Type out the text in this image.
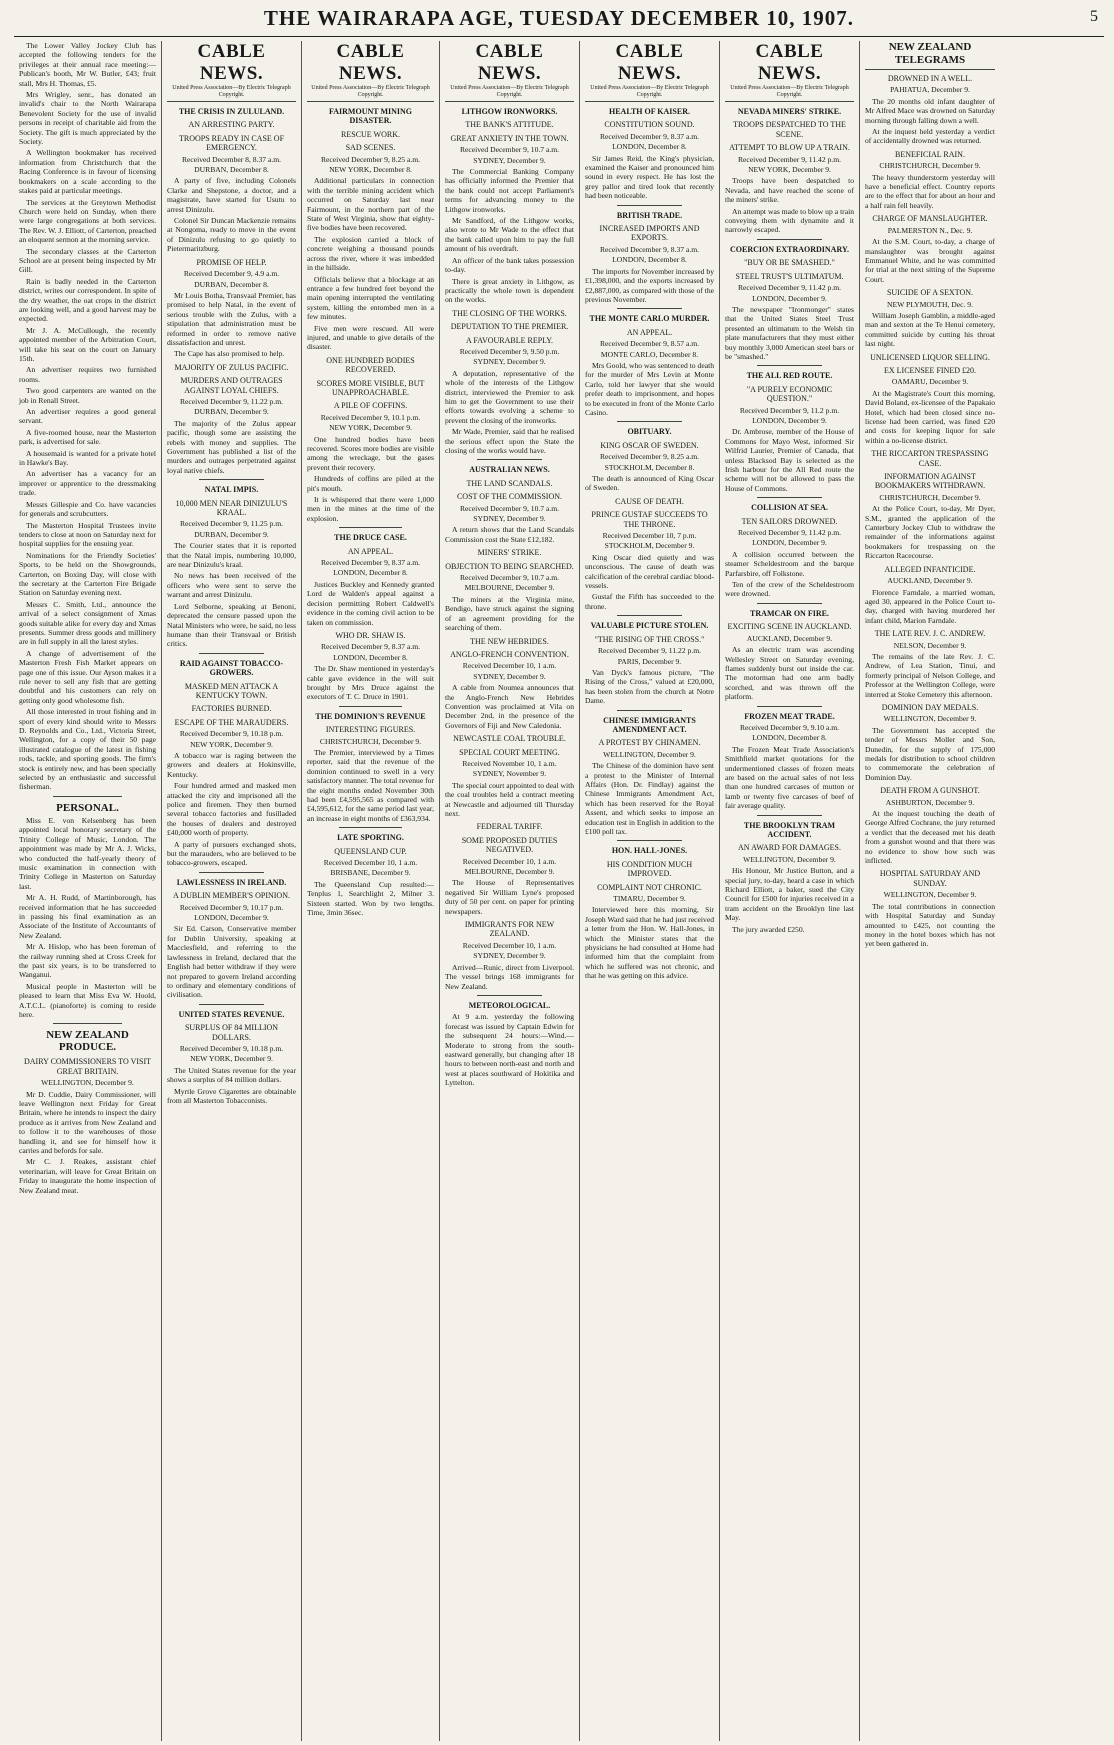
THE WAIRARAPA AGE, TUESDAY DECEMBER 10, 1907.	5

The Lower Valley Jockey Club has accepted the following tenders for the privileges at their annual race meeting:—Publican's booth, Mr W. Butler, £43; fruit stall, Mrs H. Thomas, £5.

Mrs Wrigley, senr., has donated an invalid's chair to the North Wairarapa Benevolent Society for the use of invalid persons in receipt of charitable aid from the Society. The gift is much appreciated by the Society.

A Wellington bookmaker has received information from Christchurch that the Racing Conference is in favour of licensing bookmakers on a scale according to the stakes paid at particular meetings.

The services at the Greytown Methodist Church were held on Sunday, when there were large congregations at both services. The Rev. W. J. Elliott, of Carterton, preached an eloquent sermon at the morning service.

The secondary classes at the Carterton School are at present being inspected by Mr Gill.

Rain is badly needed in the Carterton district, writes our correspondent. In spite of the dry weather, the oat crops in the district are looking well, and a good harvest may be expected.

Mr J. A. McCullough, the recently appointed member of the Arbitration Court, will take his seat on the court on January 15th.

An advertiser requires two furnished rooms.

Two good carpenters are wanted on the job in Renall Street.

An advertiser requires a good general servant.

A five-roomed house, near the Masterton park, is advertised for sale.

A housemaid is wanted for a private hotel in Hawke's Bay.

An advertiser has a vacancy for an improver or apprentice to the dressmaking trade.

Messrs Gillespie and Co. have vacancies for generals and scrubcutters.

The Masterton Hospital Trustees invite tenders to close at noon on Saturday next for hospital supplies for the ensuing year.

Nominations for the Friendly Societies' Sports, to be held on the Showgrounds, Carterton, on Boxing Day, will close with the secretary at the Carterton Fire Brigade Station on Saturday evening next.

Messrs C. Smith, Ltd., announce the arrival of a select consignment of Xmas goods suitable alike for every day and Xmas presents. Summer dress goods and millinery are in full supply in all the latest styles.

A change of advertisement of the Masterton Fresh Fish Market appears on page one of this issue. Our Ayson makes it a rule never to sell any fish that are getting doubtful and his customers can rely on getting only good wholesome fish.

All those interested in trout fishing and in sport of every kind should write to Messrs D. Reynolds and Co., Ltd., Victoria Street, Wellington, for a copy of their 50 page illustrated catalogue of the latest in fishing rods, tackle, and sporting goods. The firm's stock is entirely new, and has been specially selected by an enthusiastic and successful fisherman.

PERSONAL.

Miss E. von Kelsenberg has been appointed local honorary secretary of the Trinity College of Music, London. The appointment was made by Mr A. J. Wicks, who conducted the half-yearly theory of music examination in connection with Trinity College in Masterton on Saturday last.

Mr A. H. Rudd, of Martinborough, has received information that he has succeeded in passing his final examination as an Associate of the Institute of Accountants of New Zealand.

Mr A. Hislop, who has been foreman of the railway running shed at Cross Creek for the past six years, is to be transferred to Wanganui.

Musical people in Masterton will be pleased to learn that Miss Eva W. Hoold, A.T.C.L. (pianoforte) is coming to reside here.

NEW ZEALAND PRODUCE.
DAIRY COMMISSIONERS TO VISIT GREAT BRITAIN.
WELLINGTON, December 9.

Mr D. Cuddie, Dairy Commissioner, will leave Wellington next Friday for Great Britain, where he intends to inspect the dairy produce as it arrives from New Zealand and to follow it to the warehouses of those handling it, and see for himself how it carries and befords for sale.

Mr C. J. Reakes, assistant chief veterinarian, will leave for Great Britain on Friday to inaugurate the home inspection of New Zealand meat.

CABLE NEWS.
United Press Association—By Electric Telegraph Copyright.
THE CRISIS IN ZULULAND.
AN ARRESTING PARTY.
TROOPS READY IN CASE OF EMERGENCY.
Received December 8, 8.37 a.m.
DURBAN, December 8.

A party of five, including Colonels Clarke and Shepstone, a doctor, and a magistrate, have started for Usutu to arrest Dinizulu.

Colonel Sir Duncan Mackenzie remains at Nongoma, ready to move in the event of Dinizulu refusing to go quietly to Pietermaritzburg.

PROMISE OF HELP.
Received December 9, 4.9 a.m.
DURBAN, December 8.

Mr Louis Botha, Transvaal Premier, has promised to help Natal, in the event of serious trouble with the Zulus, with a stipulation that administration must be reformed in order to remove native dissatisfaction and unrest.

The Cape has also promised to help.

MAJORITY OF ZULUS PACIFIC.
MURDERS AND OUTRAGES AGAINST LOYAL CHIEFS.
Received December 9, 11.22 p.m.
DURBAN, December 9.

The majority of the Zulus appear pacific, though some are assisting the rebels with money and supplies. The Government has published a list of the murders and outrages perpetrated against loyal native chiefs.

NATAL IMPIS.
10,000 MEN NEAR DINIZULU'S KRAAL.
Received December 9, 11.25 p.m.
DURBAN, December 9.

The Courier states that it is reported that the Natal impis, numbering 10,000, are near Dinizulu's kraal.

No news has been received of the officers who were sent to serve the warrant and arrest Dinizulu.

Lord Selborne, speaking at Benoni, deprecated the censure passed upon the Natal Ministers who were, he said, no less humane than their Transvaal or British critics.

RAID AGAINST TOBACCO-GROWERS.
MASKED MEN ATTACK A KENTUCKY TOWN.
FACTORIES BURNED.
ESCAPE OF THE MARAUDERS.
Received December 9, 10.18 p.m.
NEW YORK, December 9.

A tobacco war is raging between the growers and dealers at Hokinsville, Kentucky.

Four hundred armed and masked men attacked the city and imprisoned all the police and firemen. They then burned several tobacco factories and fusilladed the houses of dealers and destroyed £40,000 worth of property.

A party of pursuers exchanged shots, but the marauders, who are believed to be tobacco-growers, escaped.

LAWLESSNESS IN IRELAND.
A DUBLIN MEMBER'S OPINION.
Received December 9, 10.17 p.m.
LONDON, December 9.

Sir Ed. Carson, Conservative member for Dublin University, speaking at Macclesfield, and referring to the lawlessness in Ireland, declared that the English had better withdraw if they were not prepared to govern Ireland according to ordinary and elementary conditions of civilisation.

UNITED STATES REVENUE.
SURPLUS OF 84 MILLION DOLLARS.
Received December 9, 10.18 p.m.
NEW YORK, December 9.

The United States revenue for the year shows a surplus of 84 million dollars.

Myrtle Grove Cigarettes are obtainable from all Masterton Tobacconists.

CABLE NEWS.
United Press Association—By Electric Telegraph Copyright.
FAIRMOUNT MINING DISASTER.
RESCUE WORK.
SAD SCENES.
Received December 9, 8.25 a.m.
NEW YORK, December 8.

Additional particulars in connection with the terrible mining accident which occurred on Saturday last near Fairmount, in the northern part of the State of West Virginia, show that eighty-five bodies have been recovered.

The explosion carried a block of concrete weighing a thousand pounds across the river, where it was imbedded in the hillside.

Officials believe that a blockage at an entrance a few hundred feet beyond the main opening interrupted the ventilating system, killing the entombed men in a few minutes.

Five men were rescued. All were injured, and unable to give details of the disaster.

ONE HUNDRED BODIES RECOVERED.
SCORES MORE VISIBLE, BUT UNAPPROACHABLE.
A PILE OF COFFINS.
Received December 9, 10.1 p.m.
NEW YORK, December 9.

One hundred bodies have been recovered. Scores more bodies are visible among the wreckage, but the gases prevent their recovery.

Hundreds of coffins are piled at the pit's mouth.

It is whispered that there were 1,000 men in the mines at the time of the explosion.

THE DRUCE CASE.
AN APPEAL.
Received December 9, 8.37 a.m.
LONDON, December 8.

Justices Buckley and Kennedy granted Lord de Walden's appeal against a decision permitting Robert Caldwell's evidence in the coming civil action to be taken on commission.

WHO DR. SHAW IS.
Received December 9, 8.37 a.m.
LONDON, December 8.

The Dr. Shaw mentioned in yesterday's cable gave evidence in the will suit brought by Mrs Druce against the executors of T. C. Druce in 1901.

THE DOMINION'S REVENUE
INTERESTING FIGURES.
CHRISTCHURCH, December 9.

The Premier, interviewed by a Times reporter, said that the revenue of the dominion continued to swell in a very satisfactory manner. The total revenue for the eight months ended November 30th had been £4,595,565 as compared with £4,595,612, for the same period last year, an increase in eight months of £363,934.

LATE SPORTING.
QUEENSLAND CUP.
Received December 10, 1 a.m.
BRISBANE, December 9.

The Queensland Cup resulted:—Tenplus 1, Searchlight 2, Milner 3. Sixteen started. Won by two lengths. Time, 3min 36sec.

CABLE NEWS.
United Press Association—By Electric Telegraph Copyright.
LITHGOW IRONWORKS.
THE BANK'S ATTITUDE.
GREAT ANXIETY IN THE TOWN.
Received December 9, 10.7 a.m.
SYDNEY, December 9.

The Commercial Banking Company has officially informed the Premier that the bank could not accept Parliament's terms for advancing money to the Lithgow ironworks.

Mr Sandford, of the Lithgow works, also wrote to Mr Wade to the effect that the bank called upon him to pay the full amount of his overdraft.

An officer of the bank takes possession to-day.

There is great anxiety in Lithgow, as practically the whole town is dependent on the works.

THE CLOSING OF THE WORKS.
DEPUTATION TO THE PREMIER.
A FAVOURABLE REPLY.
Received December 9, 9.50 p.m.
SYDNEY, December 9.

A deputation, representative of the whole of the interests of the Lithgow district, interviewed the Premier to ask him to get the Government to use their efforts towards evolving a scheme to prevent the closing of the ironworks.

Mr Wade, Premier, said that he realised the serious effect upon the State the closing of the works would have.

AUSTRALIAN NEWS.
THE LAND SCANDALS.
COST OF THE COMMISSION.
Received December 9, 10.7 a.m.
SYDNEY, December 9.

A return shows that the Land Scandals Commission cost the State £12,182.

MINERS' STRIKE.
OBJECTION TO BEING SEARCHED.
Received December 9, 10.7 a.m.
MELBOURNE, December 9.

The miners at the Virginia mine, Bendigo, have struck against the signing of an agreement providing for the searching of them.

THE NEW HEBRIDES.
ANGLO-FRENCH CONVENTION.
Received December 10, 1 a.m.
SYDNEY, December 9.

A cable from Noumea announces that the Anglo-French New Hebrides Convention was proclaimed at Vila on December 2nd, in the presence of the Governors of Fiji and New Caledonia.

NEWCASTLE COAL TROUBLE.
SPECIAL COURT MEETING.
Received November 10, 1 a.m.
SYDNEY, November 9.

The special court appointed to deal with the coal troubles held a contract meeting at Newcastle and adjourned till Thursday next.

FEDERAL TARIFF.
SOME PROPOSED DUTIES NEGATIVED.
Received December 10, 1 a.m.
MELBOURNE, December 9.

The House of Representatives negatived Sir William Lyne's proposed duty of 50 per cent. on paper for printing newspapers.

IMMIGRANTS FOR NEW ZEALAND.
Received December 10, 1 a.m.
SYDNEY, December 9.

Arrived—Runic, direct from Liverpool. The vessel brings 168 immigrants for New Zealand.

METEOROLOGICAL.

At 9 a.m. yesterday the following forecast was issued by Captain Edwin for the subsequent 24 hours:—Wind.—Moderate to strong from the south-eastward generally, but changing after 18 hours to between north-east and north and west at places southward of Hokitika and Lyttelton.

CABLE NEWS.
United Press Association—By Electric Telegraph Copyright.
HEALTH OF KAISER.
CONSTITUTION SOUND.
Received December 9, 8.37 a.m.
LONDON, December 8.

Sir James Reid, the King's physician, examined the Kaiser and pronounced him sound in every respect. He has lost the grey pallor and tired look that recently had been noticeable.

BRITISH TRADE.
INCREASED IMPORTS AND EXPORTS.
Received December 9, 8.37 a.m.
LONDON, December 8.

The imports for November increased by £1,398,000, and the exports increased by £2,887,000, as compared with those of the previous November.

THE MONTE CARLO MURDER.
AN APPEAL.
Received December 9, 8.57 a.m.
MONTE CARLO, December 8.

Mrs Goold, who was sentenced to death for the murder of Mrs Levin at Monte Carlo, told her lawyer that she would prefer death to imprisonment, and hopes to be executed in front of the Monte Carlo Casino.

OBITUARY.
KING OSCAR OF SWEDEN.
Received December 9, 8.25 a.m.
STOCKHOLM, December 8.

The death is announced of King Oscar of Sweden.

CAUSE OF DEATH.
PRINCE GUSTAF SUCCEEDS TO THE THRONE.
Received December 10, 7 p.m.
STOCKHOLM, December 9.

King Oscar died quietly and was unconscious. The cause of death was calcification of the cerebral cardiac blood-vessels.

Gustaf the Fifth has succeeded to the throne.

VALUABLE PICTURE STOLEN.
"THE RISING OF THE CROSS."
Received December 9, 11.22 p.m.
PARIS, December 9.

Van Dyck's famous picture, "The Rising of the Cross," valued at £20,000, has been stolen from the church at Notre Dame.

CHINESE IMMIGRANTS AMENDMENT ACT.
A PROTEST BY CHINAMEN.
WELLINGTON, December 9.

The Chinese of the dominion have sent a protest to the Minister of Internal Affairs (Hon. Dr. Findlay) against the Chinese Immigrants Amendment Act, which has been reserved for the Royal Assent, and which seeks to impose an education test in English in addition to the £100 poll tax.

HON. HALL-JONES.
HIS CONDITION MUCH IMPROVED.
COMPLAINT NOT CHRONIC.
TIMARU, December 9.

Interviewed here this morning, Sir Joseph Ward said that he had just received a letter from the Hon. W. Hall-Jones, in which the Minister states that the physicians he had consulted at Home had informed him that the complaint from which he suffered was not chronic, and that he was getting on this advice.

CABLE NEWS.
United Press Association—By Electric Telegraph Copyright.
NEVADA MINERS' STRIKE.
TROOPS DESPATCHED TO THE SCENE.
ATTEMPT TO BLOW UP A TRAIN.
Received December 9, 11.42 p.m.
NEW YORK, December 9.

Troops have been despatched to Nevada, and have reached the scene of the miners' strike.

An attempt was made to blow up a train conveying them with dynamite and it narrowly escaped.

COERCION EXTRAORDINARY.
"BUY OR BE SMASHED."
STEEL TRUST'S ULTIMATUM.
Received December 9, 11.42 p.m.
LONDON, December 9.

The newspaper "Ironmonger" states that the United States Steel Trust presented an ultimatum to the Welsh tin plate manufacturers that they must either buy monthly 3,000 American steel bars or be "smashed."

THE ALL RED ROUTE.
"A PURELY ECONOMIC QUESTION."
Received December 9, 11.2 p.m.
LONDON, December 9.

Dr. Ambrose, member of the House of Commons for Mayo West, informed Sir Wilfrid Laurier, Premier of Canada, that unless Blacksod Bay is selected as the Irish harbour for the All Red route the scheme will not be allowed to pass the House of Commons.

COLLISION AT SEA.
TEN SAILORS DROWNED.
Received December 9, 11.42 p.m.
LONDON, December 9.

A collision occurred between the steamer Scheldestroom and the barque Parfarsbire, off Folkstone.

Ten of the crew of the Scheldestroom were drowned.

TRAMCAR ON FIRE.
EXCITING SCENE IN AUCKLAND.
AUCKLAND, December 9.

As an electric tram was ascending Wellesley Street on Saturday evening, flames suddenly burst out inside the car. The motorman had one arm badly scorched, and was thrown off the platform.

FROZEN MEAT TRADE.
Received December 9, 9.10 a.m.
LONDON, December 8.

The Frozen Meat Trade Association's Smithfield market quotations for the undermentioned classes of frozen meats are based on the actual sales of not less than one hundred carcases of mutton or lamb or twenty five carcases of beef of fair average quality.

THE BROOKLYN TRAM ACCIDENT.
AN AWARD FOR DAMAGES.
WELLINGTON, December 9.

His Honour, Mr Justice Button, and a special jury, to-day, heard a case in which Richard Elliott, a baker, sued the City Council for £500 for injuries received in a tram accident on the Brooklyn line last May.

The jury awarded £250.

NEW ZEALAND TELEGRAMS
DROWNED IN A WELL.
PAHIATUA, December 9.

The 20 months old infant daughter of Mr Alfred Mace was drowned on Saturday morning through falling down a well.

At the inquest held yesterday a verdict of accidentally drowned was returned.

BENEFICIAL RAIN.
CHRISTCHURCH, December 9.

The heavy thunderstorm yesterday will have a beneficial effect. Country reports are to the effect that for about an hour and a half rain fell heavily.

CHARGE OF MANSLAUGHTER.
PALMERSTON N., Dec. 9.

At the S.M. Court, to-day, a charge of manslaughter was brought against Emmanuel White, and he was committed for trial at the next sitting of the Supreme Court.

SUICIDE OF A SEXTON.
NEW PLYMOUTH, Dec. 9.

William Joseph Gamblin, a middle-aged man and sexton at the Te Henui cemetery, committed suicide by cutting his throat last night.

UNLICENSED LIQUOR SELLING.
EX LICENSEE FINED £20.
OAMARU, December 9.

At the Magistrate's Court this morning, David Boland, ex-licensee of the Papakaio Hotel, which had been closed since no-license had been carried, was fined £20 and costs for keeping liquor for sale within a no-license district.

THE RICCARTON TRESPASSING CASE.
INFORMATION AGAINST BOOKMAKERS WITHDRAWN.
CHRISTCHURCH, December 9.

At the Police Court, to-day, Mr Dyer, S.M., granted the application of the Canterbury Jockey Club to withdraw the remainder of the informations against bookmakers for trespassing on the Riccarton Racecourse.

ALLEGED INFANTICIDE.
AUCKLAND, December 9.

Florence Farndale, a married woman, aged 30, appeared in the Police Court to-day, charged with having murdered her infant child, Marion Farndale.

THE LATE REV. J. C. ANDREW.
NELSON, December 9.

The remains of the late Rev. J. C. Andrew, of Lea Station, Tinui, and formerly principal of Nelson College, and Professor at the Wellington College, were interred at Stoke Cemetery this afternoon.

DOMINION DAY MEDALS.
WELLINGTON, December 9.

The Government has accepted the tender of Messrs Moller and Son, Dunedin, for the supply of 175,000 medals for distribution to school children to commemorate the celebration of Dominion Day.

DEATH FROM A GUNSHOT.
ASHBURTON, December 9.

At the inquest touching the death of George Alfred Cochrane, the jury returned a verdict that the deceased met his death from a gunshot wound and that there was no evidence to show how such was inflicted.

HOSPITAL SATURDAY AND SUNDAY.
WELLINGTON, December 9.

The total contributions in connection with Hospital Saturday and Sunday amounted to £425, not counting the money in the hotel boxes which has not yet been gathered in.
